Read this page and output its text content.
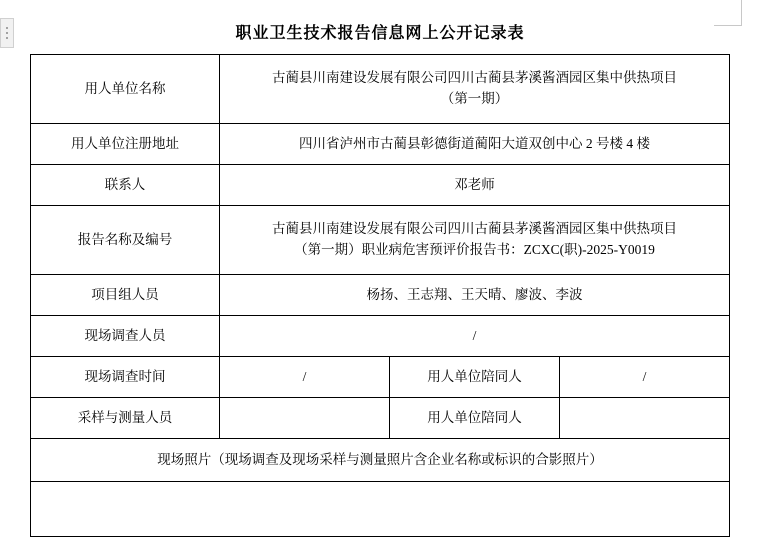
职业卫生技术报告信息网上公开记录表
用人单位名称	古蔺县川南建设发展有限公司四川古蔺县茅溪酱酒园区集中供热项目
（第一期）		

用人单位注册地址	四川省泸州市古蔺县彰德街道蔺阳大道双创中心 2 号楼 4 楼		
联系人	邓老师		
报告名称及编号	古蔺县川南建设发展有限公司四川古蔺县茅溪酱酒园区集中供热项目
（第一期）职业病危害预评价报告书：ZCXC(职)-2025-Y0019		

项目组人员	杨扬、王志翔、王天晴、廖波、李波		
现场调查人员	/		
现场调查时间	/	用人单位陪同人	/
采样与测量人员		用人单位陪同人	
现场照片（现场调查及现场采样与测量照片含企业名称或标识的合影照片）			
